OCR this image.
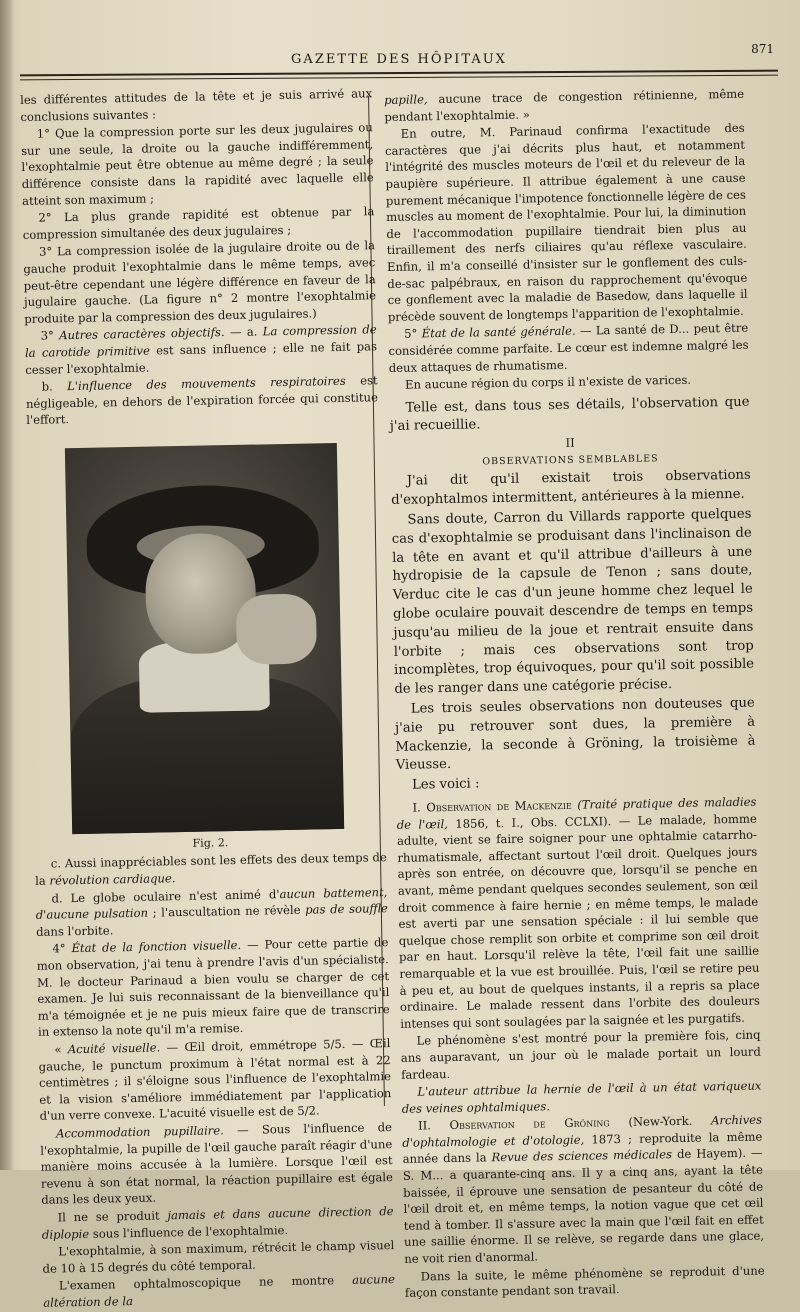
GAZETTE DES HÔPITAUX
871

les différentes attitudes de la tête et je suis arrivé aux conclusions suivantes :

1° Que la compression porte sur les deux jugulaires ou sur une seule, la droite ou la gauche indifféremment, l'exophtalmie peut être obtenue au même degré ; la seule différence consiste dans la rapidité avec laquelle elle atteint son maximum ;

2° La plus grande rapidité est obtenue par la compression simultanée des deux jugulaires ;

3° La compression isolée de la jugulaire droite ou de la gauche produit l'exophtalmie dans le même temps, avec peut-être cependant une légère différence en faveur de la jugulaire gauche. (La figure n° 2 montre l'exophtalmie produite par la compression des deux jugulaires.)

3° Autres caractères objectifs. — a. La compression de la carotide primitive est sans influence ; elle ne fait pas cesser l'exophtalmie.

b. L'influence des mouvements respiratoires est négligeable, en dehors de l'expiration forcée qui constitue l'effort.

Fig. 2.

c. Aussi inappréciables sont les effets des deux temps de la révolution cardiaque.

d. Le globe oculaire n'est animé d'aucun battement, d'aucune pulsation ; l'auscultation ne révèle pas de souffle dans l'orbite.

4° État de la fonction visuelle. — Pour cette partie de mon observation, j'ai tenu à prendre l'avis d'un spécialiste. M. le docteur Parinaud a bien voulu se charger de cet examen. Je lui suis reconnaissant de la bienveillance qu'il m'a témoignée et je ne puis mieux faire que de transcrire in extenso la note qu'il m'a remise.

« Acuité visuelle. — Œil droit, emmétrope 5/5. — Œil gauche, le punctum proximum à l'état normal est à 22 centimètres ; il s'éloigne sous l'influence de l'exophtalmie et la vision s'améliore immédiatement par l'application d'un verre convexe. L'acuité visuelle est de 5/2.

Accommodation pupillaire. — Sous l'influence de l'exophtalmie, la pupille de l'œil gauche paraît réagir d'une manière moins accusée à la lumière. Lorsque l'œil est revenu à son état normal, la réaction pupillaire est égale dans les deux yeux.

Il ne se produit jamais et dans aucune direction de diplopie sous l'influence de l'exophtalmie.

L'exophtalmie, à son maximum, rétrécit le champ visuel de 10 à 15 degrés du côté temporal.

L'examen ophtalmoscopique ne montre aucune altération de la

papille, aucune trace de congestion rétinienne, même pendant l'exophtalmie. »

En outre, M. Parinaud confirma l'exactitude des caractères que j'ai décrits plus haut, et notamment l'intégrité des muscles moteurs de l'œil et du releveur de la paupière supérieure. Il attribue également à une cause purement mécanique l'impotence fonctionnelle légère de ces muscles au moment de l'exophtalmie. Pour lui, la diminution de l'accommodation pupillaire tiendrait bien plus au tiraillement des nerfs ciliaires qu'au réflexe vasculaire. Enfin, il m'a conseillé d'insister sur le gonflement des culs-de-sac palpébraux, en raison du rapprochement qu'évoque ce gonflement avec la maladie de Basedow, dans laquelle il précède souvent de longtemps l'apparition de l'exophtalmie.

5° État de la santé générale. — La santé de D... peut être considérée comme parfaite. Le cœur est indemne malgré les deux attaques de rhumatisme.

En aucune région du corps il n'existe de varices.

Telle est, dans tous ses détails, l'observation que j'ai recueillie.

II

OBSERVATIONS SEMBLABLES

J'ai dit qu'il existait trois observations d'exophtalmos intermittent, antérieures à la mienne.

Sans doute, Carron du Villards rapporte quelques cas d'exophtalmie se produisant dans l'inclinaison de la tête en avant et qu'il attribue d'ailleurs à une hydropisie de la capsule de Tenon ; sans doute, Verduc cite le cas d'un jeune homme chez lequel le globe oculaire pouvait descendre de temps en temps jusqu'au milieu de la joue et rentrait ensuite dans l'orbite ; mais ces observations sont trop incomplètes, trop équivoques, pour qu'il soit possible de les ranger dans une catégorie précise.

Les trois seules observations non douteuses que j'aie pu retrouver sont dues, la première à Mackenzie, la seconde à Gröning, la troisième à Vieusse.

Les voici :

I. Observation de Mackenzie (Traité pratique des maladies de l'œil, 1856, t. I., Obs. CCLXI). — Le malade, homme adulte, vient se faire soigner pour une ophtalmie catarrho-rhumatismale, affectant surtout l'œil droit. Quelques jours après son entrée, on découvre que, lorsqu'il se penche en avant, même pendant quelques secondes seulement, son œil droit commence à faire hernie ; en même temps, le malade est averti par une sensation spéciale : il lui semble que quelque chose remplit son orbite et comprime son œil droit par en haut. Lorsqu'il relève la tête, l'œil fait une saillie remarquable et la vue est brouillée. Puis, l'œil se retire peu à peu et, au bout de quelques instants, il a repris sa place ordinaire. Le malade ressent dans l'orbite des douleurs intenses qui sont soulagées par la saignée et les purgatifs.

Le phénomène s'est montré pour la première fois, cinq ans auparavant, un jour où le malade portait un lourd fardeau.

L'auteur attribue la hernie de l'œil à un état variqueux des veines ophtalmiques.

II. Observation de Gröning (New-York. Archives d'ophtalmologie et d'otologie, 1873 ; reproduite la même année dans la Revue des sciences médicales de Hayem). — S. M... a quarante-cinq ans. Il y a cinq ans, ayant la tête baissée, il éprouve une sensation de pesanteur du côté de l'œil droit et, en même temps, la notion vague que cet œil tend à tomber. Il s'assure avec la main que l'œil fait en effet une saillie énorme. Il se relève, se regarde dans une glace, ne voit rien d'anormal.

Dans la suite, le même phénomène se reproduit d'une façon constante pendant son travail.
